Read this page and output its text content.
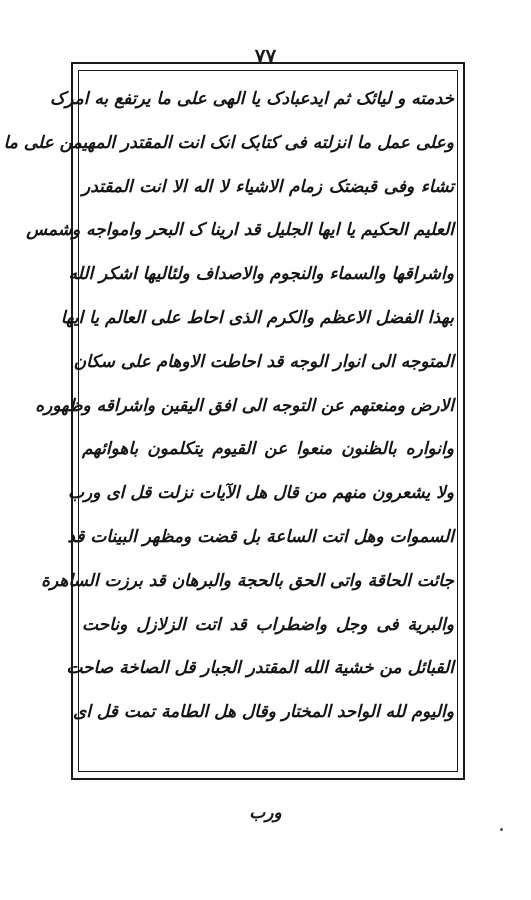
٧٧
خدمته و لیائک ثم ایدعبادک یا الهی علی ما یرتفع به امرک
وعلی عمل ما انزلته فی کتابک انک انت المقتدر المهیمن علی ما
تشاء وفی قبضتک زمام الاشیاء لا اله الا انت المقتدر
العلیم الحکیم یا ایها الجلیل قد ارینا ک البحر وامواجه وشمس
واشراقها والسماء والنجوم والاصداف ولئالیها اشکر الله
بهذا الفضل الاعظم والکرم الذی احاط علی العالم یا ایها
المتوجه الی انوار الوجه قد احاطت الاوهام علی سکان
الارض ومنعتهم عن التوجه الی افق الیقین واشراقه وظهوره
وانواره بالظنون منعوا عن القیوم یتکلمون باهوائهم
ولا یشعرون منهم من قال هل الآیات نزلت قل ای ورب
السموات وهل اتت الساعة بل قضت ومظهر البینات قد
جائت الحاقة واتی الحق بالحجة والبرهان قد برزت الساهرة
والبریة فی وجل واضطراب قد اتت الزلازل وناحت
القبائل من خشیة الله المقتدر الجبار قل الصاخة صاحت
والیوم لله الواحد المختار وقال هل الطامة تمت قل ای
ورب
